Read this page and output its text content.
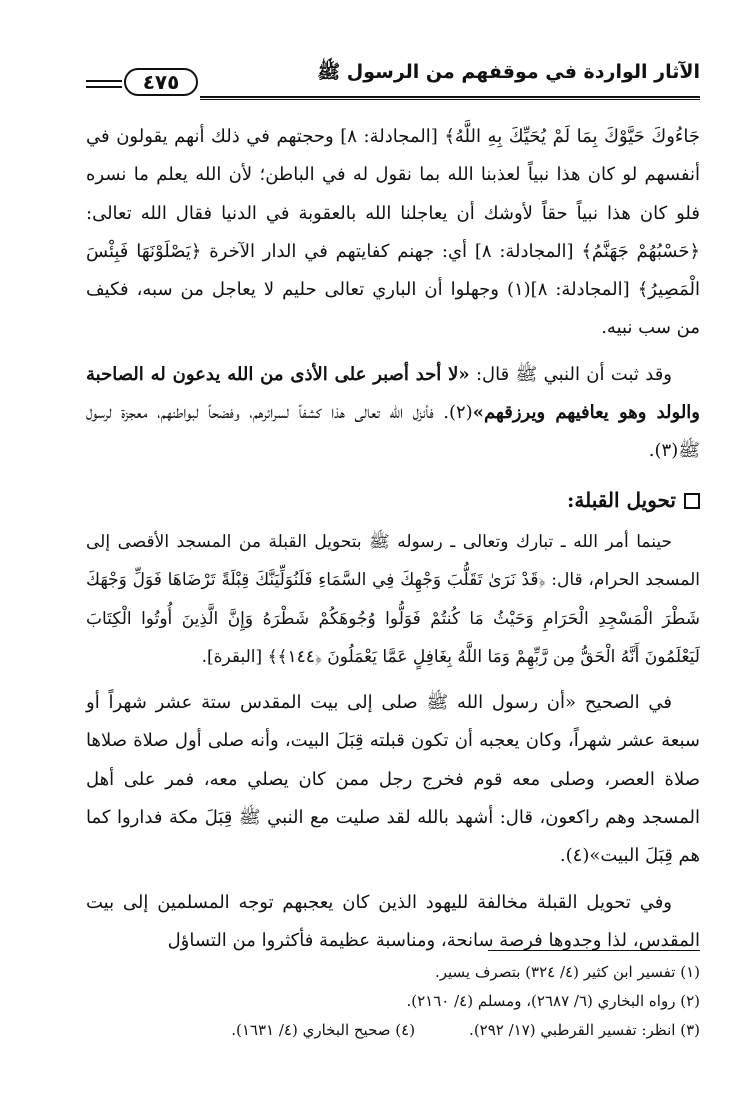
الآثار الواردة في موقفهم من الرسول ﷺ
٤٧٥

جَاءُوكَ حَيَّوْكَ بِمَا لَمْ يُحَيِّكَ بِهِ اللَّهُ﴾ [المجادلة: ٨] وحجتهم في ذلك أنهم يقولون في أنفسهم لو كان هذا نبياً لعذبنا الله بما نقول له في الباطن؛ لأن الله يعلم ما نسره فلو كان هذا نبياً حقاً لأوشك أن يعاجلنا الله بالعقوبة في الدنيا فقال الله تعالى: ﴿حَسْبُهُمْ جَهَنَّمُ﴾ [المجادلة: ٨] أي: جهنم كفايتهم في الدار الآخرة ﴿يَصْلَوْنَهَا فَبِئْسَ الْمَصِيرُ﴾ [المجادلة: ٨](١) وجهلوا أن الباري تعالى حليم لا يعاجل من سبه، فكيف من سب نبيه.

وقد ثبت أن النبي ﷺ قال: «لا أحد أصبر على الأذى من الله يدعون له الصاحبة والولد وهو يعافيهم ويرزقهم»(٢). فأنزل الله تعالى هذا كشفاً لسرائرهم، وفضحاً لبواطنهم، معجزة لرسول ﷺ(٣).

تحويل القبلة:

حينما أمر الله ـ تبارك وتعالى ـ رسوله ﷺ بتحويل القبلة من المسجد الأقصى إلى المسجد الحرام، قال: ﴿قَدْ نَرَىٰ تَقَلُّبَ وَجْهِكَ فِي السَّمَاءِ فَلَنُوَلِّيَنَّكَ قِبْلَةً تَرْضَاهَا فَوَلِّ وَجْهَكَ شَطْرَ الْمَسْجِدِ الْحَرَامِ وَحَيْثُ مَا كُنتُمْ فَوَلُّوا وُجُوهَكُمْ شَطْرَهُ وَإِنَّ الَّذِينَ أُوتُوا الْكِتَابَ لَيَعْلَمُونَ أَنَّهُ الْحَقُّ مِن رَّبِّهِمْ وَمَا اللَّهُ بِغَافِلٍ عَمَّا يَعْمَلُونَ ﴿١٤٤﴾﴾ [البقرة].

في الصحيح «أن رسول الله ﷺ صلى إلى بيت المقدس ستة عشر شهراً أو سبعة عشر شهراً، وكان يعجبه أن تكون قبلته قِبَلَ البيت، وأنه صلى أول صلاة صلاها صلاة العصر، وصلى معه قوم فخرج رجل ممن كان يصلي معه، فمر على أهل المسجد وهم راكعون، قال: أشهد بالله لقد صليت مع النبي ﷺ قِبَلَ مكة فداروا كما هم قِبَلَ البيت»(٤).

وفي تحويل القبلة مخالفة لليهود الذين كان يعجبهم توجه المسلمين إلى بيت المقدس، لذا وجدوها فرصة سانحة، ومناسبة عظيمة فأكثروا من التساؤل

(١) تفسير ابن كثير (٤/ ٣٢٤) بتصرف يسير.

(٢) رواه البخاري (٦/ ٢٦٨٧)، ومسلم (٤/ ٢١٦٠).

(٣) انظر: تفسير القرطبي (١٧/ ٢٩٢).(٤) صحيح البخاري (٤/ ١٦٣١).
